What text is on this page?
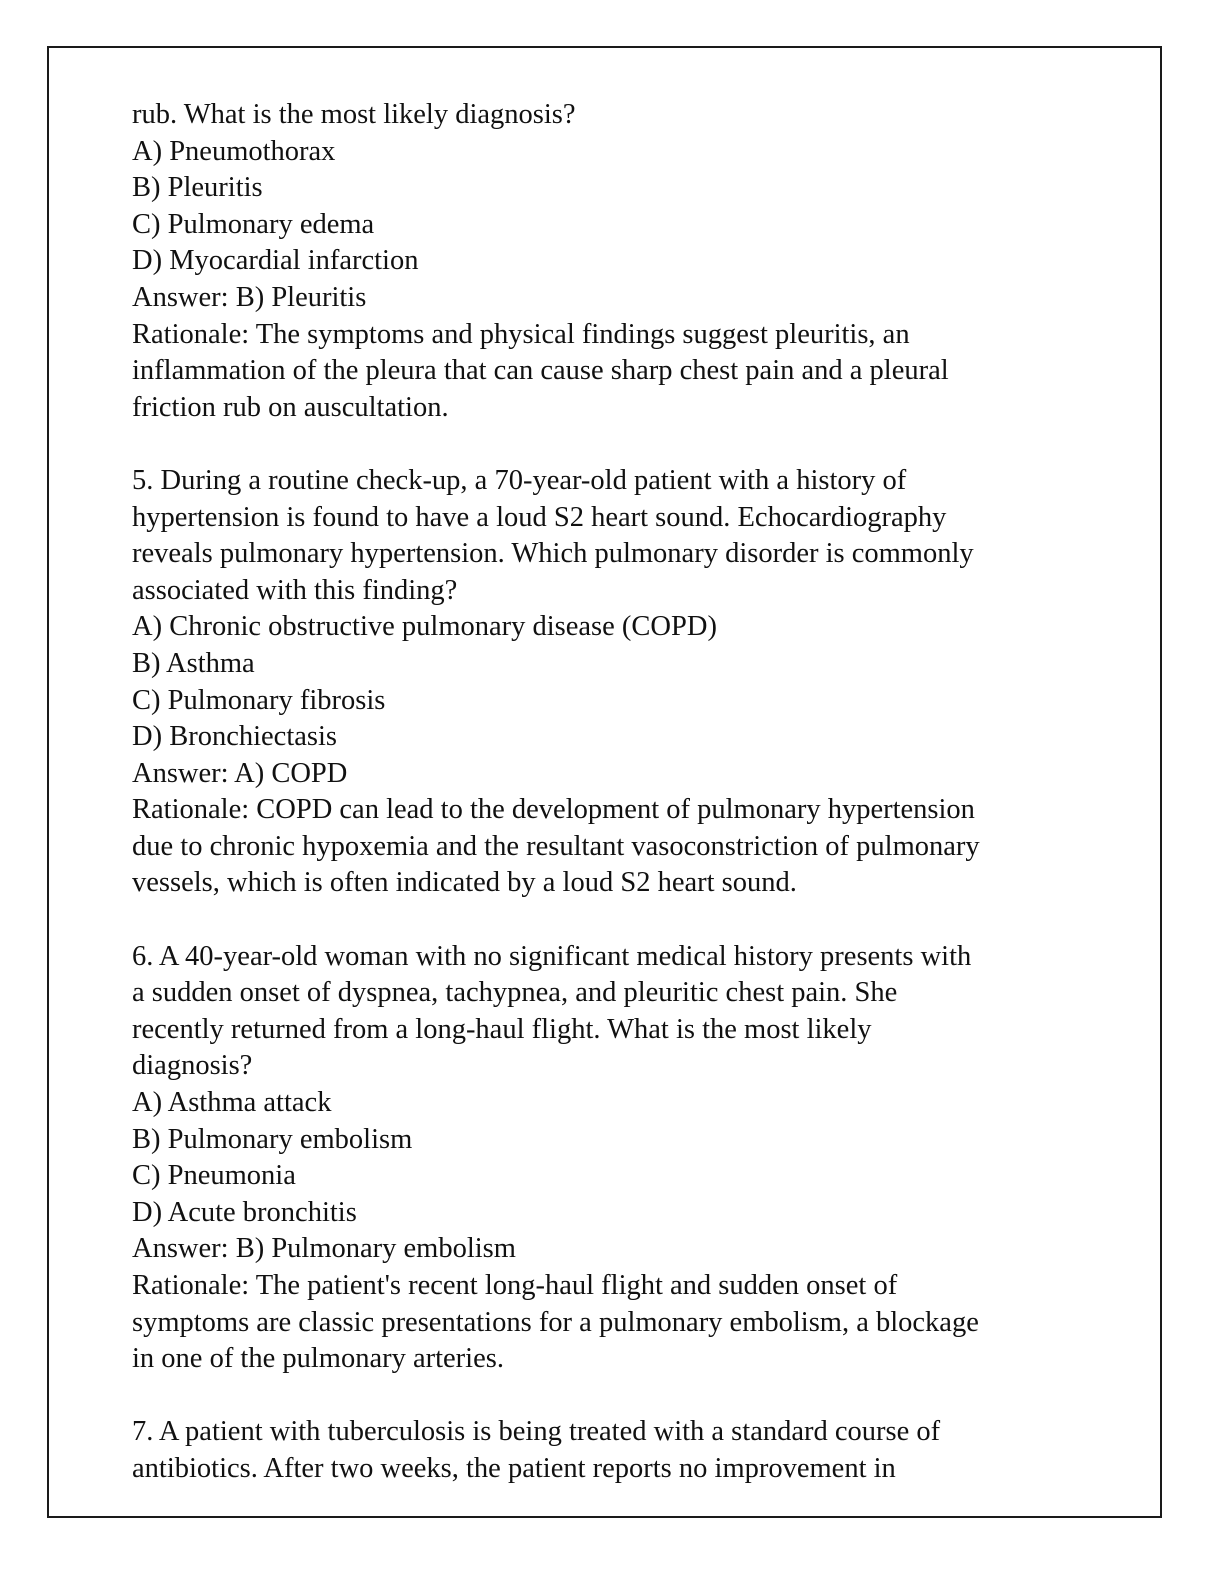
rub. What is the most likely diagnosis?
A) Pneumothorax
B) Pleuritis
C) Pulmonary edema
D) Myocardial infarction
Answer: B) Pleuritis
Rationale: The symptoms and physical findings suggest pleuritis, an
inflammation of the pleura that can cause sharp chest pain and a pleural
friction rub on auscultation.
5. During a routine check-up, a 70-year-old patient with a history of
hypertension is found to have a loud S2 heart sound. Echocardiography
reveals pulmonary hypertension. Which pulmonary disorder is commonly
associated with this finding?
A) Chronic obstructive pulmonary disease (COPD)
B) Asthma
C) Pulmonary fibrosis
D) Bronchiectasis
Answer: A) COPD
Rationale: COPD can lead to the development of pulmonary hypertension
due to chronic hypoxemia and the resultant vasoconstriction of pulmonary
vessels, which is often indicated by a loud S2 heart sound.
6. A 40-year-old woman with no significant medical history presents with
a sudden onset of dyspnea, tachypnea, and pleuritic chest pain. She
recently returned from a long-haul flight. What is the most likely
diagnosis?
A) Asthma attack
B) Pulmonary embolism
C) Pneumonia
D) Acute bronchitis
Answer: B) Pulmonary embolism
Rationale: The patient's recent long-haul flight and sudden onset of
symptoms are classic presentations for a pulmonary embolism, a blockage
in one of the pulmonary arteries.
7. A patient with tuberculosis is being treated with a standard course of
antibiotics. After two weeks, the patient reports no improvement in
